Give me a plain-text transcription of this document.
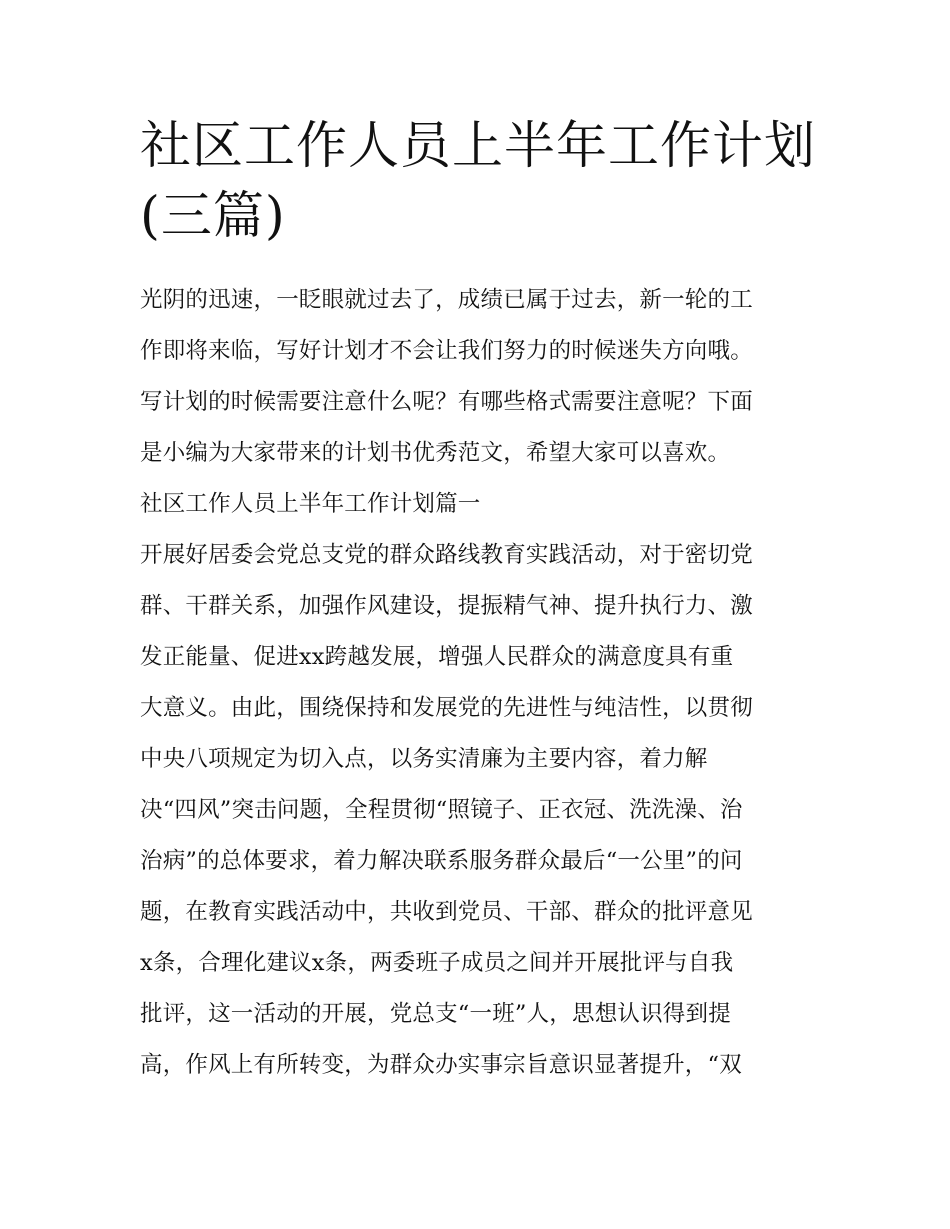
社区工作人员上半年工作计划
(三篇)
光阴的迅速，一眨眼就过去了，成绩已属于过去，新一轮的工
作即将来临，写好计划才不会让我们努力的时候迷失方向哦。
写计划的时候需要注意什么呢？有哪些格式需要注意呢？下面
是小编为大家带来的计划书优秀范文，希望大家可以喜欢。
社区工作人员上半年工作计划篇一
开展好居委会党总支党的群众路线教育实践活动，对于密切党
群、干群关系，加强作风建设，提振精气神、提升执行力、激
发正能量、促进xx跨越发展，增强人民群众的满意度具有重
大意义。由此，围绕保持和发展党的先进性与纯洁性，以贯彻
中央八项规定为切入点，以务实清廉为主要内容，着力解
决“四风”突击问题，全程贯彻“照镜子、正衣冠、洗洗澡、治
治病”的总体要求，着力解决联系服务群众最后“一公里”的问
题，在教育实践活动中，共收到党员、干部、群众的批评意见
x条，合理化建议x条，两委班子成员之间并开展批评与自我
批评，这一活动的开展，党总支“一班”人，思想认识得到提
高，作风上有所转变，为群众办实事宗旨意识显著提升，“双
